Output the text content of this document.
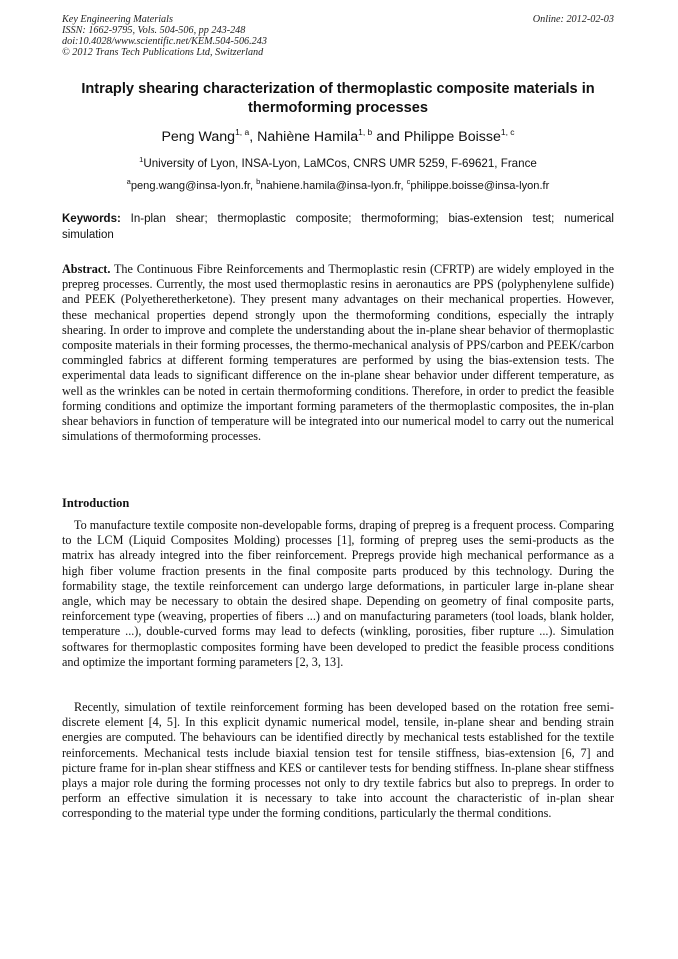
Key Engineering Materials
ISSN: 1662-9795, Vols. 504-506, pp 243-248
doi:10.4028/www.scientific.net/KEM.504-506.243
© 2012 Trans Tech Publications Ltd, Switzerland
Online: 2012-02-03
Intraply shearing characterization of thermoplastic composite materials in thermoforming processes
Peng Wang$^{1, a}$, Nahiène Hamila$^{1, b}$ and Philippe Boisse$^{1, c}$
$^1$University of Lyon, INSA-Lyon, LaMCos, CNRS UMR 5259, F-69621, France
$^a$peng.wang@insa-lyon.fr, $^b$nahiene.hamila@insa-lyon.fr, $^c$philippe.boisse@insa-lyon.fr
Keywords: In-plan shear; thermoplastic composite; thermoforming; bias-extension test; numerical simulation
Abstract. The Continuous Fibre Reinforcements and Thermoplastic resin (CFRTP) are widely employed in the prepreg processes. Currently, the most used thermoplastic resins in aeronautics are PPS (polyphenylene sulfide) and PEEK (Polyetheretherketone). They present many advantages on their mechanical properties. However, these mechanical properties depend strongly upon the thermoforming conditions, especially the intraply shearing. In order to improve and complete the understanding about the in-plane shear behavior of thermoplastic composite materials in their forming processes, the thermo-mechanical analysis of PPS/carbon and PEEK/carbon commingled fabrics at different forming temperatures are performed by using the bias-extension tests. The experimental data leads to significant difference on the in-plane shear behavior under different temperature, as well as the wrinkles can be noted in certain thermoforming conditions. Therefore, in order to predict the feasible forming conditions and optimize the important forming parameters of the thermoplastic composites, the in-plan shear behaviors in function of temperature will be integrated into our numerical model to carry out the numerical simulations of thermoforming processes.
Introduction
To manufacture textile composite non-developable forms, draping of prepreg is a frequent process. Comparing to the LCM (Liquid Composites Molding) processes [1], forming of prepreg uses the semi-products as the matrix has already integred into the fiber reinforcement. Prepregs provide high mechanical performance as a high fiber volume fraction presents in the final composite parts produced by this technology. During the formability stage, the textile reinforcement can undergo large deformations, in particuler large in-plane shear angle, which may be necessary to obtain the desired shape. Depending on geometry of final composite parts, reinforcement type (weaving, properties of fibers ...) and on manufacturing parameters (tool loads, blank holder, temperature ...), double-curved forms may lead to defects (winkling, porosities, fiber rupture ...). Simulation softwares for thermoplastic composites forming have been developed to predict the feasible process conditions and optimize the important forming parameters [2, 3, 13].
Recently, simulation of textile reinforcement forming has been developed based on the rotation free semi-discrete element [4, 5]. In this explicit dynamic numerical model, tensile, in-plane shear and bending strain energies are computed. The behaviours can be identified directly by mechanical tests established for the textile reinforcements. Mechanical tests include biaxial tension test for tensile stiffness, bias-extension [6, 7] and picture frame for in-plan shear stiffness and KES or cantilever tests for bending stiffness. In-plane shear stiffness plays a major role during the forming processes not only to dry textile fabrics but also to prepregs. In order to perform an effective simulation it is necessary to take into account the characteristic of in-plan shear corresponding to the material type under the forming conditions, particularly the thermal conditions.
